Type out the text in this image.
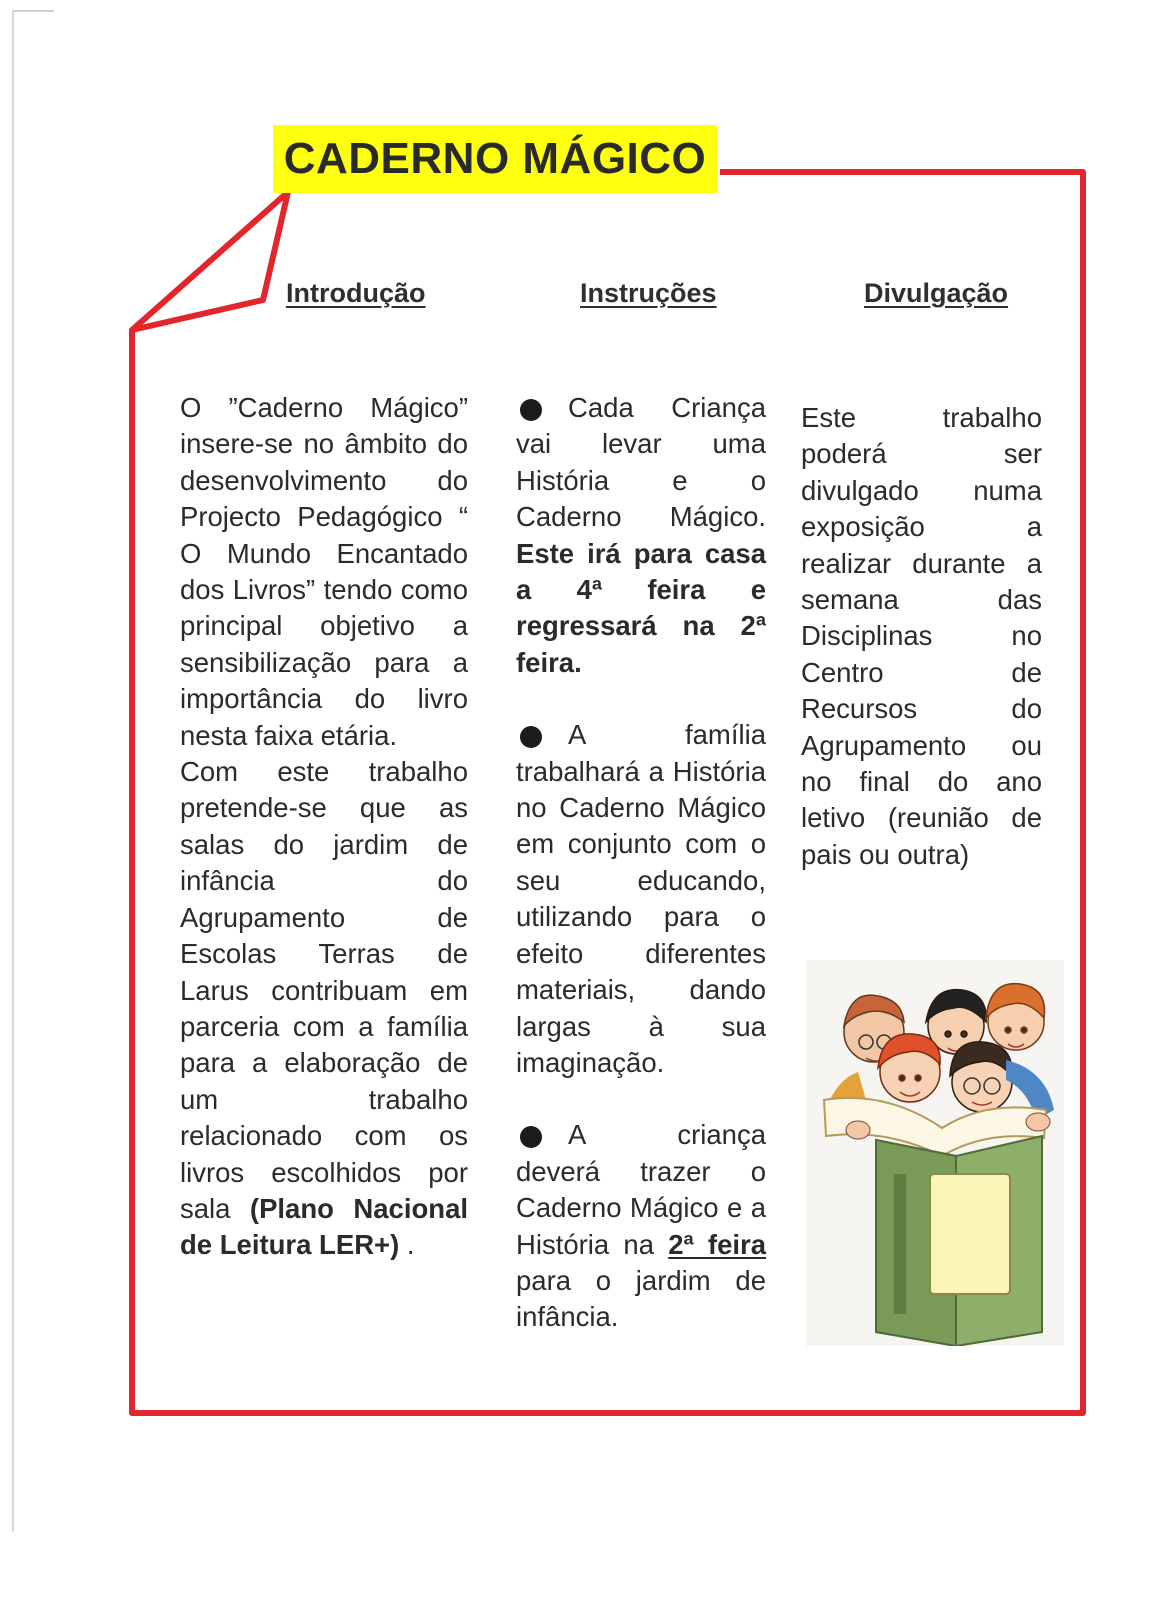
CADERNO MÁGICO
Introdução	Instruções	Divulgação

O ”Caderno Mágico” insere-se no âmbito do desenvolvimento do Projecto Pedagógico “ O Mundo Encantado dos Livros” tendo como principal objetivo a sensibilização para a importância do livro nesta faixa etária.

Com este trabalho pretende-se que as salas do jardim de infância do Agrupamento de Escolas Terras de Larus contribuam em parceria com a família para a elaboração de um trabalho relacionado com os livros escolhidos por sala (Plano Nacional de Leitura LER+) .

Cada Criança vai levar uma História e o Caderno Mágico. Este irá para casa a 4ª feira e regressará na 2ª feira.

A família trabalhará a História no Caderno Mágico em conjunto com o seu educando, utilizando para o efeito diferentes materiais, dando largas à sua imaginação.

A criança deverá trazer o Caderno Mágico e a História na 2ª feira para o jardim de infância.

Este trabalho poderá ser divulgado numa exposição a realizar durante a semana das Disciplinas no Centro de Recursos do Agrupamento ou no final do ano letivo (reunião de pais ou outra)
